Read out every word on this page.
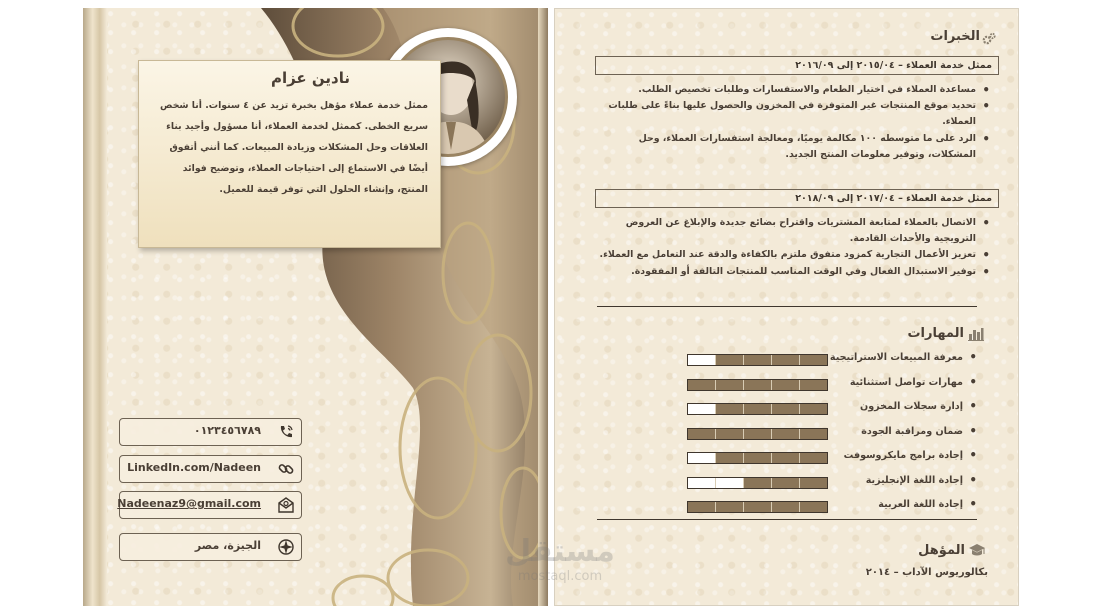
نادين عزام
ممثل خدمة عملاء مؤهل بخبرة تزيد عن ٤ سنوات. أنا شخص سريع الخطى. كممثل لخدمة العملاء، أنا مسؤول وأجيد بناء العلاقات وحل المشكلات وزيادة المبيعات. كما أنني أتفوق أيضًا في الاستماع إلى احتياجات العملاء، وتوضيح فوائد المنتج، وإنشاء الحلول التي توفر قيمة للعميل.
٠١٢٣٤٥٦٧٨٩
LinkedIn.com/Nadeen
Nadeenaz9@gmail.com
الجيزة، مصر
الخبرات
ممثل خدمة العملاء – ٢٠١٥/٠٤ إلى ٢٠١٦/٠٩
• مساعدة العملاء في اختيار الطعام والاستفسارات وطلبات تخصيص الطلب.
• تحديد موقع المنتجات غير المتوفرة في المخزون والحصول عليها بناءً على طلبات العملاء.
• الرد على ما متوسطه ١٠٠ مكالمة يوميًا، ومعالجة استفسارات العملاء، وحل المشكلات، وتوفير معلومات المنتج الجديد.
ممثل خدمة العملاء – ٢٠١٧/٠٤ إلى ٢٠١٨/٠٩
• الاتصال بالعملاء لمتابعة المشتريات واقتراح بضائع جديدة والإبلاغ عن العروض الترويجية والأحداث القادمة.
• تعزيز الأعمال التجارية كمزود متفوق ملتزم بالكفاءة والدقة عند التعامل مع العملاء.
• توفير الاستبدال الفعال وفي الوقت المناسب للمنتجات التالفة أو المفقودة.
المهارات
• معرفة المبيعات الاستراتيجية
• مهارات تواصل استثنائية
• إدارة سجلات المخزون
• ضمان ومراقبة الجودة
• إجادة برامج مايكروسوفت
• إجادة اللغة الإنجليزية
• إجادة اللغة العربية
المؤهل
بكالوريوس الآداب – ٢٠١٤
مستقل
mostaql.com
